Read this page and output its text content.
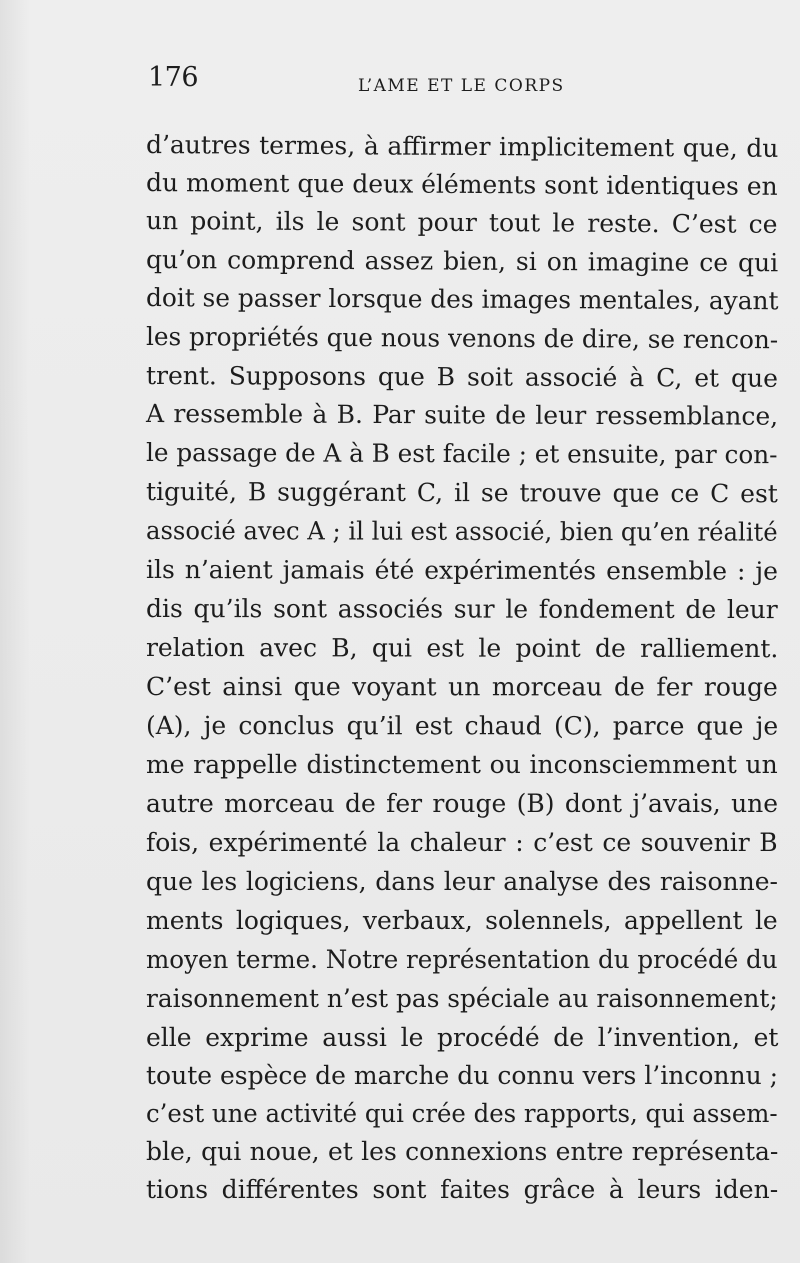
176	L’AME ET LE CORPS
d’autres termes, à affirmer implicitement que, du
du moment que deux éléments sont identiques en
un point, ils le sont pour tout le reste. C’est ce
qu’on comprend assez bien, si on imagine ce qui
doit se passer lorsque des images mentales, ayant
les propriétés que nous venons de dire, se rencon-
trent. Supposons que B soit associé à C, et que
A ressemble à B. Par suite de leur ressemblance,
le passage de A à B est facile ; et ensuite, par con-
tiguité, B suggérant C, il se trouve que ce C est
associé avec A ; il lui est associé, bien qu’en réalité
ils n’aient jamais été expérimentés ensemble : je
dis qu’ils sont associés sur le fondement de leur
relation avec B, qui est le point de ralliement.
C’est ainsi que voyant un morceau de fer rouge
(A), je conclus qu’il est chaud (C), parce que je
me rappelle distinctement ou inconsciemment un
autre morceau de fer rouge (B) dont j’avais, une
fois, expérimenté la chaleur : c’est ce souvenir B
que les logiciens, dans leur analyse des raisonne-
ments logiques, verbaux, solennels, appellent le
moyen terme. Notre représentation du procédé du
raisonnement n’est pas spéciale au raisonnement;
elle exprime aussi le procédé de l’invention, et
toute espèce de marche du connu vers l’inconnu ;
c’est une activité qui crée des rapports, qui assem-
ble, qui noue, et les connexions entre représenta-
tions différentes sont faites grâce à leurs iden-
